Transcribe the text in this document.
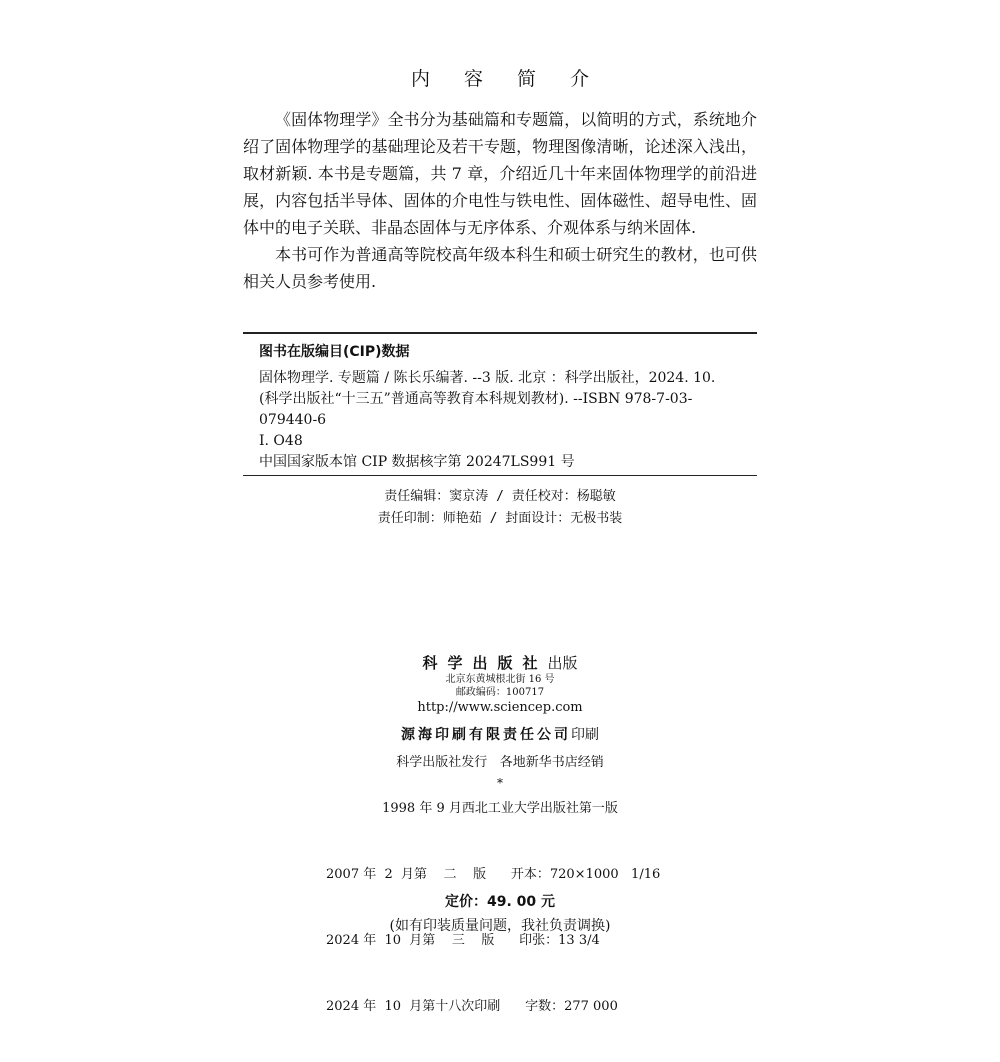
内 容 简 介

《固体物理学》全书分为基础篇和专题篇，以简明的方式，系统地介绍了固体物理学的基础理论及若干专题，物理图像清晰，论述深入浅出，取材新颖. 本书是专题篇，共 7 章，介绍近几十年来固体物理学的前沿进展，内容包括半导体、固体的介电性与铁电性、固体磁性、超导电性、固体中的电子关联、非晶态固体与无序体系、介观体系与纳米固体.

本书可作为普通高等院校高年级本科生和硕士研究生的教材，也可供相关人员参考使用.

图书在版编目(CIP)数据
固体物理学. 专题篇 / 陈长乐编著. --3 版. 北京 ：科学出版社，2024. 10.
(科学出版社“十三五”普通高等教育本科规划教材). --ISBN 978-7-03-
079440-6
Ⅰ. O48
中国国家版本馆 CIP 数据核字第 20247LS991 号
责任编辑：窦京涛 / 责任校对：杨聪敏
责任印制：师艳茹 / 封面设计：无极书装
科学出版社出版
北京东黄城根北街 16 号
邮政编码：100717
http://www.sciencep.com
源海印刷有限责任公司印刷
科学出版社发行   各地新华书店经销
*
1998 年 9 月西北工业大学出版社第一版

2007 年  2  月第    二    版      开本：720×1000   1/16

2024 年  10  月第    三    版      印张：13 3/4

2024 年  10  月第十八次印刷      字数：277 000

定价：49. 00 元
(如有印装质量问题，我社负责调换)
